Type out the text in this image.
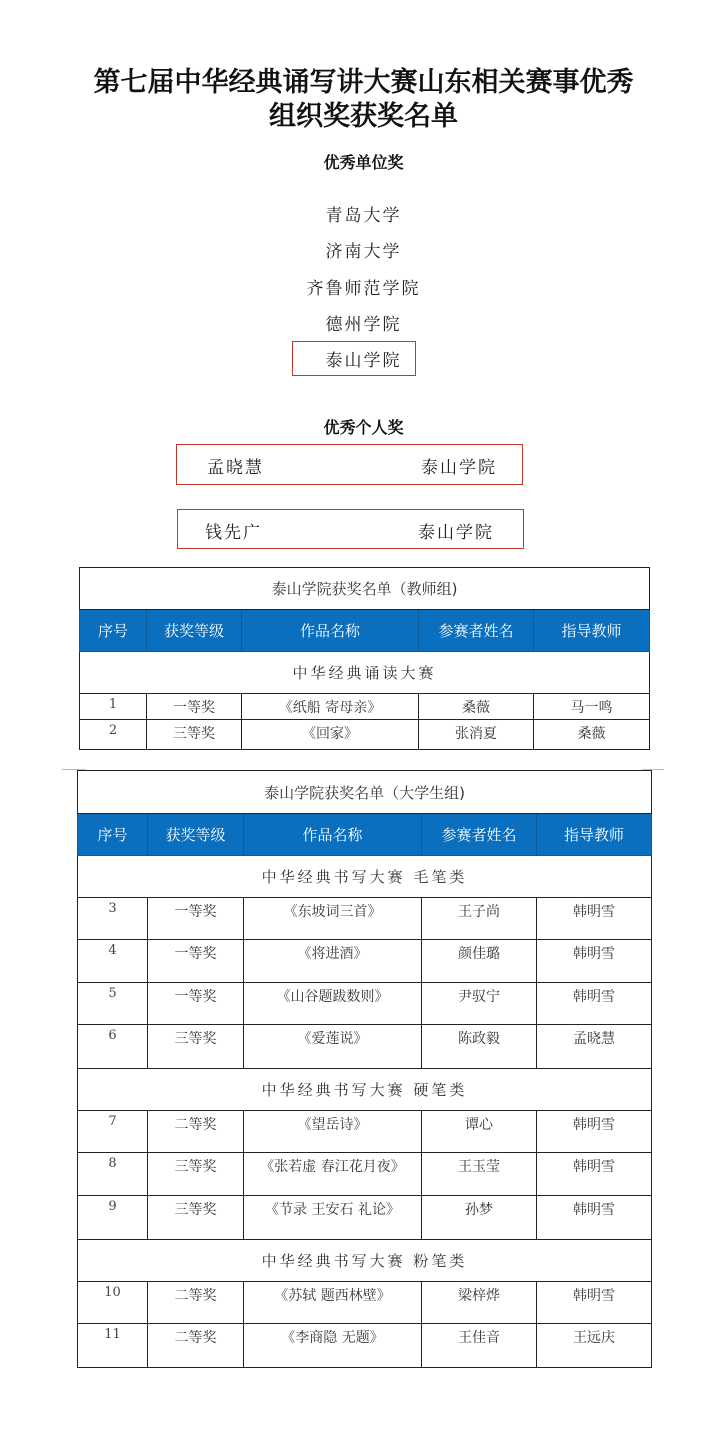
第七届中华经典诵写讲大赛山东相关赛事优秀
组织奖获奖名单
优秀单位奖
青岛大学
济南大学
齐鲁师范学院
德州学院
泰山学院
优秀个人奖
孟晓慧	泰山学院
钱先广	泰山学院
泰山学院获奖名单（教师组)				
序号	获奖等级	作品名称	参赛者姓名	指导教师
中华经典诵读大赛				
1	一等奖	《纸船 寄母亲》	桑薇	马一鸣
2	三等奖	《回家》	张消夏	桑薇
泰山学院获奖名单（大学生组)				
序号	获奖等级	作品名称	参赛者姓名	指导教师
中华经典书写大赛 毛笔类				
3	一等奖	《东坡词三首》	王子尚	韩明雪
4	一等奖	《将进酒》	颜佳璐	韩明雪
5	一等奖	《山谷题跋数则》	尹驭宁	韩明雪
6	三等奖	《爱莲说》	陈政毅	孟晓慧
中华经典书写大赛 硬笔类				
7	二等奖	《望岳诗》	谭心	韩明雪
8	三等奖	《张若虚 春江花月夜》	王玉莹	韩明雪
9	三等奖	《节录 王安石 礼论》	孙梦	韩明雪
中华经典书写大赛 粉笔类				
10	二等奖	《苏轼 题西林壁》	梁梓烨	韩明雪
11	二等奖	《李商隐 无题》	王佳音	王远庆
